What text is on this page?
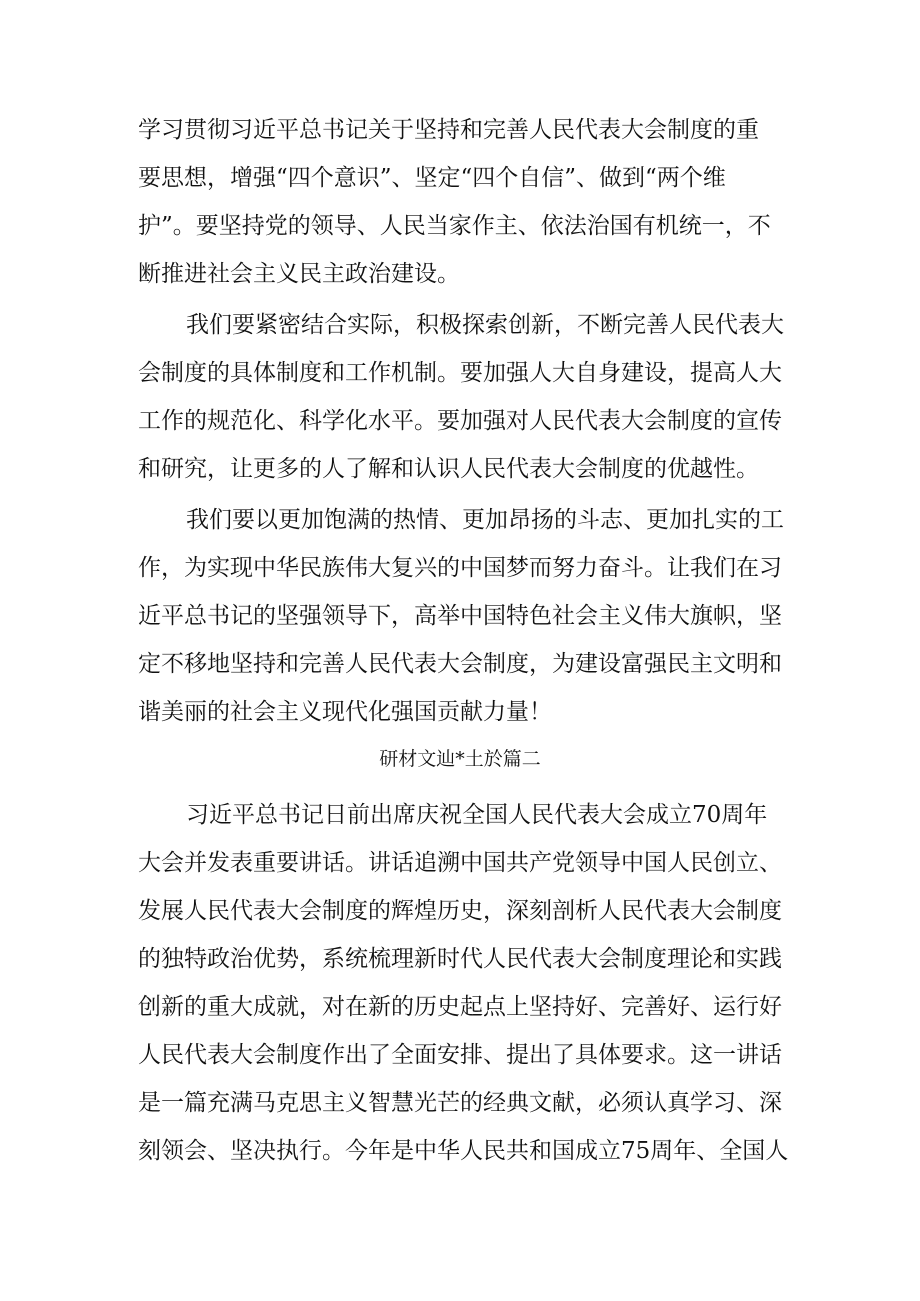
学习贯彻习近平总书记关于坚持和完善人民代表大会制度的重
要思想，增强“四个意识”、坚定“四个自信”、做到“两个维
护”。要坚持党的领导、人民当家作主、依法治国有机统一，不
断推进社会主义民主政治建设。
我们要紧密结合实际，积极探索创新，不断完善人民代表大
会制度的具体制度和工作机制。要加强人大自身建设，提高人大
工作的规范化、科学化水平。要加强对人民代表大会制度的宣传
和研究，让更多的人了解和认识人民代表大会制度的优越性。
我们要以更加饱满的热情、更加昂扬的斗志、更加扎实的工
作，为实现中华民族伟大复兴的中国梦而努力奋斗。让我们在习
近平总书记的坚强领导下，高举中国特色社会主义伟大旗帜，坚
定不移地坚持和完善人民代表大会制度，为建设富强民主文明和
谐美丽的社会主义现代化强国贡献力量！
研材文辿*土於篇二
习近平总书记日前出席庆祝全国人民代表大会成立70周年
大会并发表重要讲话。讲话追溯中国共产党领导中国人民创立、
发展人民代表大会制度的辉煌历史，深刻剖析人民代表大会制度
的独特政治优势，系统梳理新时代人民代表大会制度理论和实践
创新的重大成就，对在新的历史起点上坚持好、完善好、运行好
人民代表大会制度作出了全面安排、提出了具体要求。这一讲话
是一篇充满马克思主义智慧光芒的经典文献，必须认真学习、深
刻领会、坚决执行。今年是中华人民共和国成立75周年、全国人
